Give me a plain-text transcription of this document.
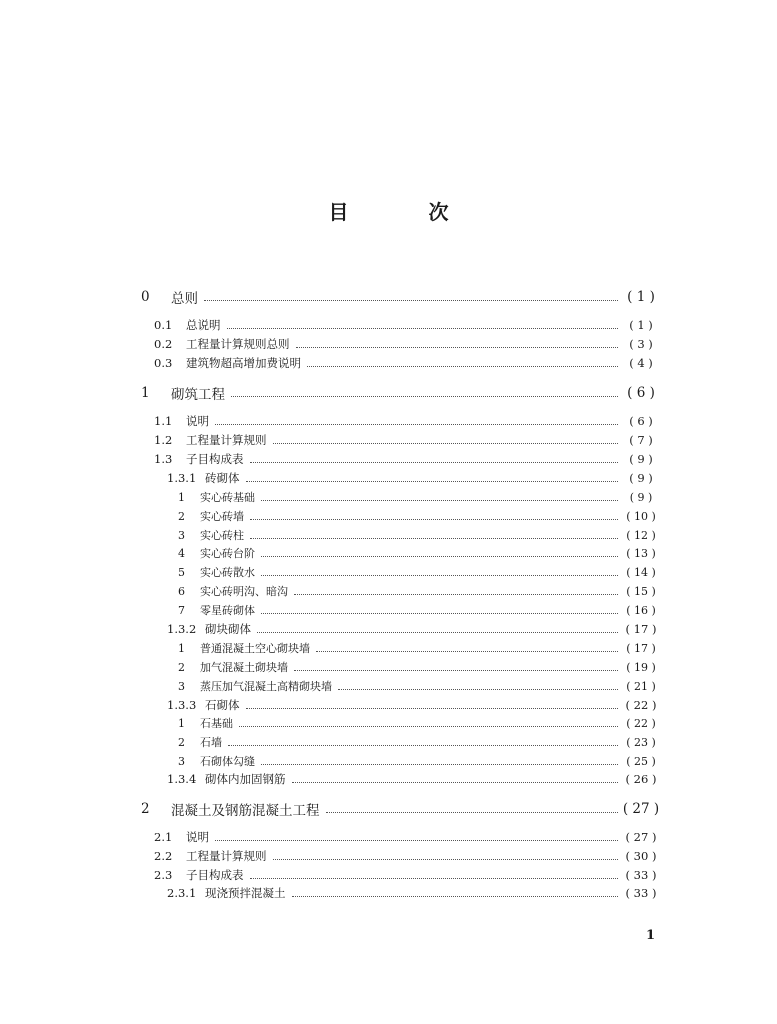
目　次
0	总则	( 1 )
0.1	总说明	( 1 )
0.2	工程量计算规则总则	( 3 )
0.3	建筑物超高增加费说明	( 4 )
1	砌筑工程	( 6 )
1.1	说明	( 6 )
1.2	工程量计算规则	( 7 )
1.3	子目构成表	( 9 )
1.3.1 砖砌体	( 9 )
1	实心砖基础	( 9 )
2	实心砖墙	( 10 )
3	实心砖柱	( 12 )
4	实心砖台阶	( 13 )
5	实心砖散水	( 14 )
6	实心砖明沟、暗沟	( 15 )
7	零星砖砌体	( 16 )
1.3.2 砌块砌体	( 17 )
1	普通混凝土空心砌块墙	( 17 )
2	加气混凝土砌块墙	( 19 )
3	蒸压加气混凝土高精砌块墙	( 21 )
1.3.3 石砌体	( 22 )
1	石基础	( 22 )
2	石墙	( 23 )
3	石砌体勾缝	( 25 )
1.3.4 砌体内加固钢筋	( 26 )
2	混凝土及钢筋混凝土工程	( 27 )
2.1	说明	( 27 )
2.2	工程量计算规则	( 30 )
2.3	子目构成表	( 33 )
2.3.1 现浇预拌混凝土	( 33 )
1
